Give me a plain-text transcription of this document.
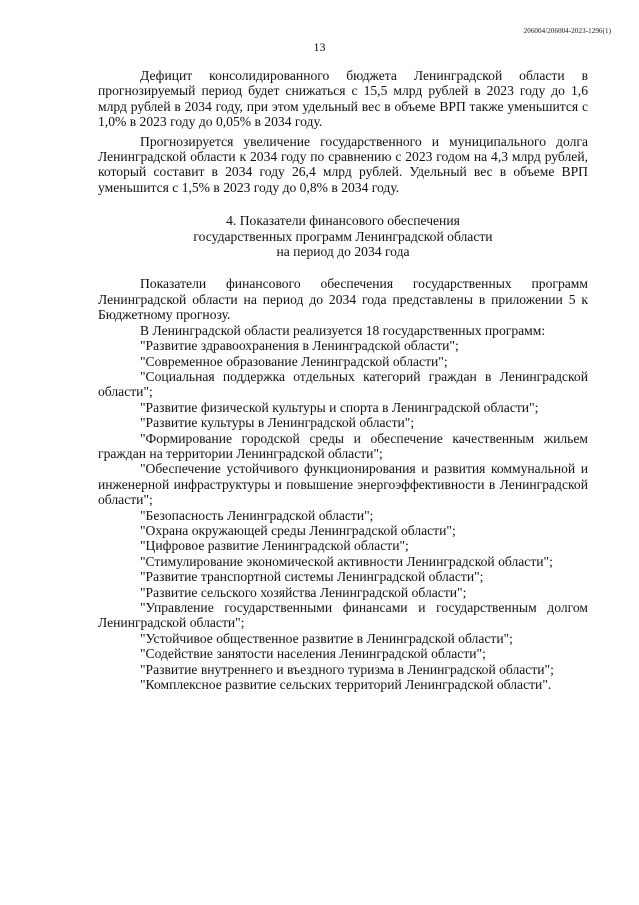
206004/206004-2023-1296(1)
13

Дефицит консолидированного бюджета Ленинградской области в прогнозируемый период будет снижаться с 15,5 млрд рублей в 2023 году до 1,6 млрд рублей в 2034 году, при этом удельный вес в объеме ВРП также уменьшится с 1,0% в 2023 году до 0,05% в 2034 году.

Прогнозируется увеличение государственного и муниципального долга Ленинградской области к 2034 году по сравнению с 2023 годом на 4,3 млрд рублей, который составит в 2034 году 26,4 млрд рублей. Удельный вес в объеме ВРП уменьшится с 1,5% в 2023 году до 0,8% в 2034 году.

4. Показатели финансового обеспечения
государственных программ Ленинградской области
на период до 2034 года

Показатели финансового обеспечения государственных программ Ленинградской области на период до 2034 года представлены в приложении 5 к Бюджетному прогнозу.

В Ленинградской области реализуется 18 государственных программ:

"Развитие здравоохранения в Ленинградской области";

"Современное образование Ленинградской области";

"Социальная поддержка отдельных категорий граждан в Ленинградской области";

"Развитие физической культуры и спорта в Ленинградской области";

"Развитие культуры в Ленинградской области";

"Формирование городской среды и обеспечение качественным жильем граждан на территории Ленинградской области";

"Обеспечение устойчивого функционирования и развития коммунальной и инженерной инфраструктуры и повышение энергоэффективности в Ленинградской области";

"Безопасность Ленинградской области";

"Охрана окружающей среды Ленинградской области";

"Цифровое развитие Ленинградской области";

"Стимулирование экономической активности Ленинградской области";

"Развитие транспортной системы Ленинградской области";

"Развитие сельского хозяйства Ленинградской области";

"Управление государственными финансами и государственным долгом Ленинградской области";

"Устойчивое общественное развитие в Ленинградской области";

"Содействие занятости населения Ленинградской области";

"Развитие внутреннего и въездного туризма в Ленинградской области";

"Комплексное развитие сельских территорий Ленинградской области".
